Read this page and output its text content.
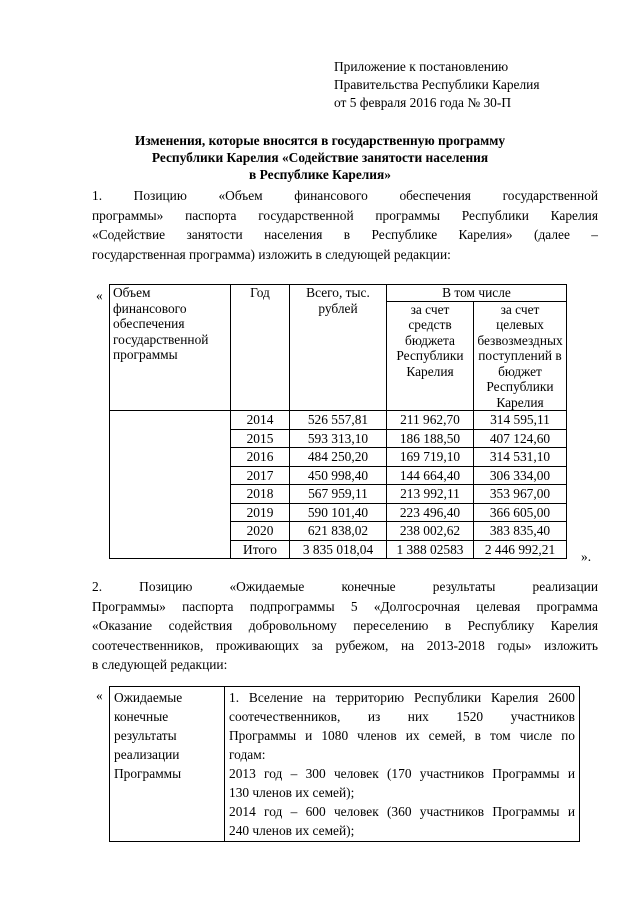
Приложение к постановлению
Правительства Республики Карелия
от 5 февраля 2016 года № 30-П
Изменения, которые вносятся в государственную программу
Республики Карелия «Содействие занятости населения
в Республике Карелия»
1. Позицию «Объем финансового обеспечения государственной
программы» паспорта государственной программы Республики Карелия
«Содействие занятости населения в Республике Карелия» (далее –
государственная программа) изложить в следующей редакции:
« Объем финансового обеспечения государственной программы	Год	Всего, тыс. рублей	В том числе	
			за счет средств бюджета Республики Карелия	за счет целевых безвозмездных поступлений в бюджет Республики Карелия
	2014	526 557,81	211 962,70	314 595,11
	2015	593 313,10	186 188,50	407 124,60
	2016	484 250,20	169 719,10	314 531,10
	2017	450 998,40	144 664,40	306 334,00
	2018	567 959,11	213 992,11	353 967,00
	2019	590 101,40	223 496,40	366 605,00
	2020	621 838,02	238 002,62	383 835,40
	Итого	3 835 018,04	1 388 02583	2 446 992,21 ».
2. Позицию «Ожидаемые конечные результаты реализации
Программы» паспорта подпрограммы 5 «Долгосрочная целевая программа
«Оказание содействия добровольному переселению в Республику Карелия
соотечественников, проживающих за рубежом, на 2013-2018 годы» изложить
в следующей редакции:
« Ожидаемые конечные результаты реализации Программы	
1. Вселение на территорию Республики Карелия 2600
соотечественников, из них 1520 участников
Программы и 1080 членов их семей, в том числе по
годам:
2013 год – 300 человек (170 участников Программы и
130 членов их семей);
2014 год – 600 человек (360 участников Программы и
240 членов их семей);
